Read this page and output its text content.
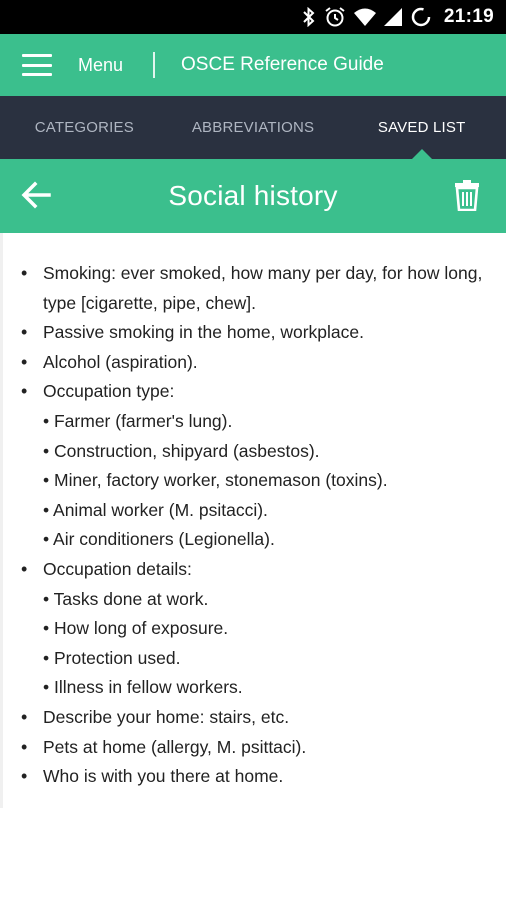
21:19
Menu	OSCE Reference Guide
CATEGORIES	ABBREVIATIONS	SAVED LIST
Social history
• Smoking: ever smoked, how many per day, for how long, type [cigarette, pipe, chew].
• Passive smoking in the home, workplace.
• Alcohol (aspiration).
• Occupation type:
• Farmer (farmer's lung).
• Construction, shipyard (asbestos).
• Miner, factory worker, stonemason (toxins).
• Animal worker (M. psitacci).
• Air conditioners (Legionella).
• Occupation details:
• Tasks done at work.
• How long of exposure.
• Protection used.
• Illness in fellow workers.
• Describe your home: stairs, etc.
• Pets at home (allergy, M. psittaci).
• Who is with you there at home.
